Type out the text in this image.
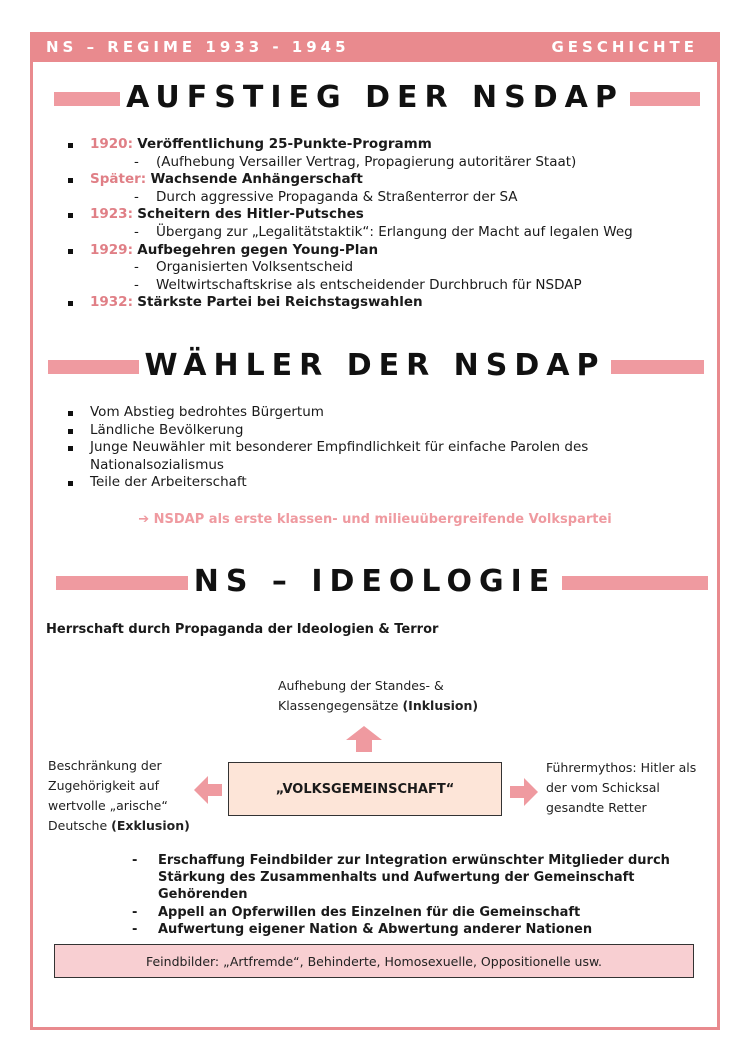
NS – REGIME 1933 - 1945	GESCHICHTE
AUFSTIEG DER NSDAP
1920: Veröffentlichung 25-Punkte-Programm
- (Aufhebung Versailler Vertrag, Propagierung autoritärer Staat)
Später: Wachsende Anhängerschaft
- Durch aggressive Propaganda & Straßenterror der SA
1923: Scheitern des Hitler-Putsches
- Übergang zur „Legalitätstaktik“: Erlangung der Macht auf legalen Weg
1929: Aufbegehren gegen Young-Plan
- Organisierten Volksentscheid
- Weltwirtschaftskrise als entscheidender Durchbruch für NSDAP
1932: Stärkste Partei bei Reichstagswahlen
WÄHLER DER NSDAP
Vom Abstieg bedrohtes Bürgertum
Ländliche Bevölkerung
Junge Neuwähler mit besonderer Empfindlichkeit für einfache Parolen des Nationalsozialismus
Teile der Arbeiterschaft
➔ NSDAP als erste klassen- und milieuübergreifende Volkspartei
NS – IDEOLOGIE
Herrschaft durch Propaganda der Ideologien & Terror
Aufhebung der Standes- &
Klassengegensätze (Inklusion)
Beschränkung der
Zugehörigkeit auf
wertvolle „arische“
Deutsche (Exklusion)
„VOLKSGEMEINSCHAFT“
Führermythos: Hitler als
der vom Schicksal
gesandte Retter
- Erschaffung Feindbilder zur Integration erwünschter Mitglieder durch Stärkung des Zusammenhalts und Aufwertung der Gemeinschaft Gehörenden
- Appell an Opferwillen des Einzelnen für die Gemeinschaft
- Aufwertung eigener Nation & Abwertung anderer Nationen
Feindbilder: „Artfremde“, Behinderte, Homosexuelle, Oppositionelle usw.
